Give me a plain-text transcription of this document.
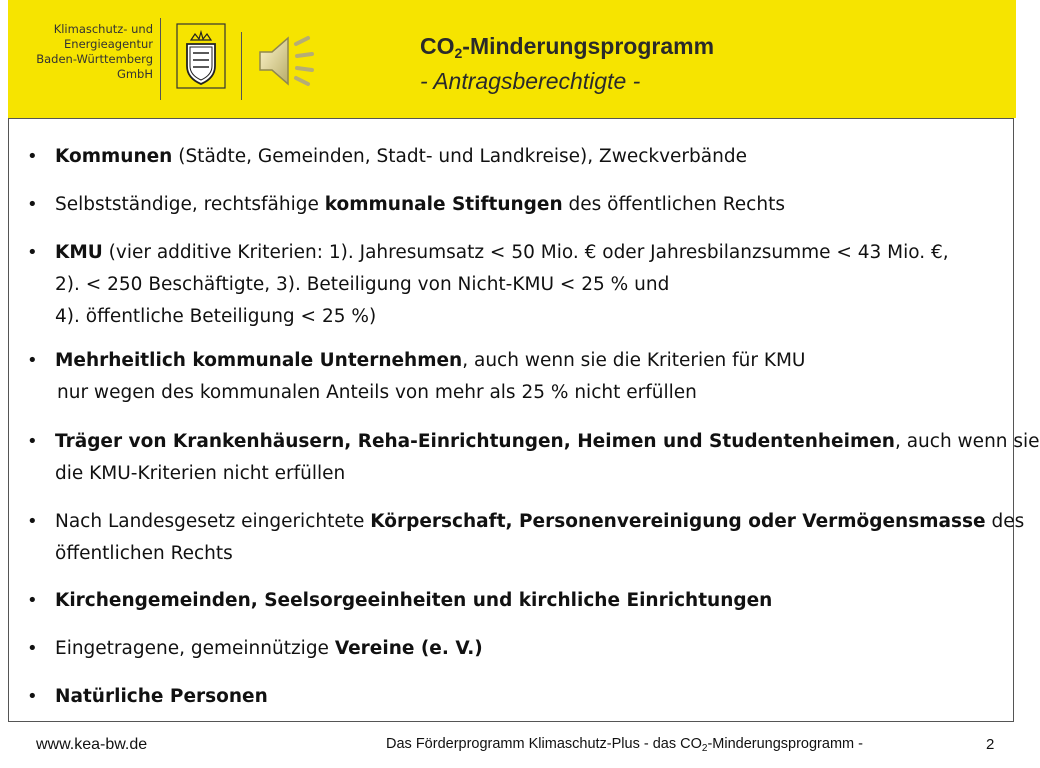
Klimaschutz- und
Energieagentur
Baden-Württemberg
GmbH
$CO_2$-Minderungsprogramm
- Antragsberechtigte -
• Kommunen (Städte, Gemeinden, Stadt- und Landkreise), Zweckverbände
• Selbstständige, rechtsfähige kommunale Stiftungen des öffentlichen Rechts
• KMU (vier additive Kriterien: 1). Jahresumsatz < 50 Mio. € oder Jahresbilanzsumme < 43 Mio. €,
2). < 250 Beschäftigte, 3). Beteiligung von Nicht-KMU < 25 % und
4). öffentliche Beteiligung < 25 %)
• Mehrheitlich kommunale Unternehmen, auch wenn sie die Kriterien für KMU
nur wegen des kommunalen Anteils von mehr als 25 % nicht erfüllen
• Träger von Krankenhäusern, Reha-Einrichtungen, Heimen und Studentenheimen, auch wenn sie
die KMU-Kriterien nicht erfüllen
• Nach Landesgesetz eingerichtete Körperschaft, Personenvereinigung oder Vermögensmasse des
öffentlichen Rechts
• Kirchengemeinden, Seelsorgeeinheiten und kirchliche Einrichtungen
• Eingetragene, gemeinnützige Vereine (e. V.)
• Natürliche Personen
www.kea-bw.de	Das Förderprogramm Klimaschutz-Plus - das $CO_2$-Minderungsprogramm -	2
